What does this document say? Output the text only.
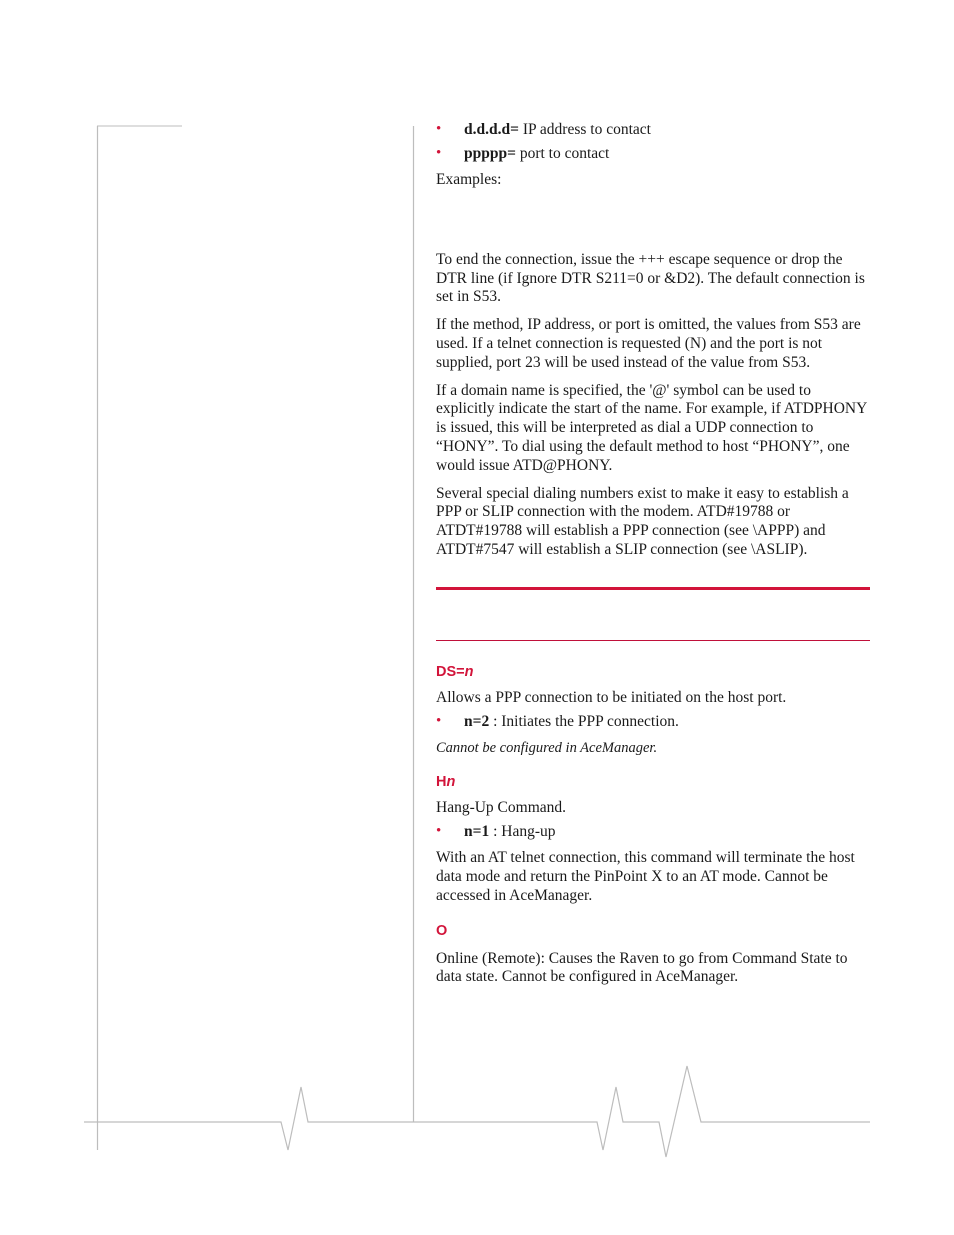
• d.d.d.d= IP address to contact
• ppppp= port to contact

Examples:

To end the connection, issue the +++ escape sequence or drop the DTR line (if Ignore DTR S211=0 or &D2). The default connection is set in S53.

If the method, IP address, or port is omitted, the values from S53 are used. If a telnet connection is requested (N) and the port is not supplied, port 23 will be used instead of the value from S53.

If a domain name is specified, the '@' symbol can be used to explicitly indicate the start of the name. For example, if ATDPHONY is issued, this will be interpreted as dial a UDP connection to “HONY”. To dial using the default method to host “PHONY”, one would issue ATD@PHONY.

Several special dialing numbers exist to make it easy to establish a PPP or SLIP connection with the modem. ATD#19788 or ATDT#19788 will establish a PPP connection (see \APPP) and ATDT#7547 will establish a SLIP connection (see \ASLIP).

DS=n

Allows a PPP connection to be initiated on the host port.

• n=2 : Initiates the PPP connection.

Cannot be configured in AceManager.

Hn

Hang-Up Command.

• n=1 : Hang-up

With an AT telnet connection, this command will terminate the host data mode and return the PinPoint X to an AT mode. Cannot be accessed in AceManager.

O

Online (Remote): Causes the Raven to go from Command State to data state. Cannot be configured in AceManager.
